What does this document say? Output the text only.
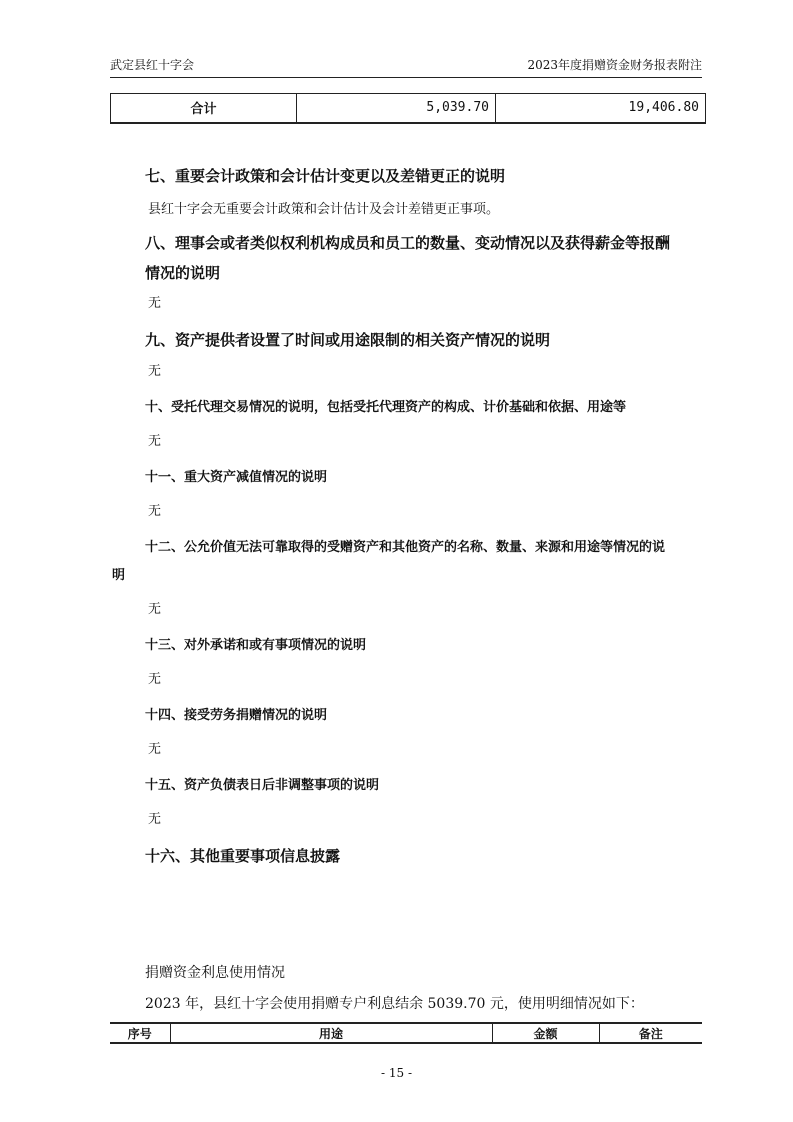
武定县红十字会	2023年度捐赠资金财务报表附注
合计	5,039.70	19,406.80
七、重要会计政策和会计估计变更以及差错更正的说明
县红十字会无重要会计政策和会计估计及会计差错更正事项。
八、理事会或者类似权利机构成员和员工的数量、变动情况以及获得薪金等报酬
情况的说明
无
九、资产提供者设置了时间或用途限制的相关资产情况的说明
无
十、受托代理交易情况的说明，包括受托代理资产的构成、计价基础和依据、用途等
无
十一、重大资产减值情况的说明
无
十二、公允价值无法可靠取得的受赠资产和其他资产的名称、数量、来源和用途等情况的说
明
无
十三、对外承诺和或有事项情况的说明
无
十四、接受劳务捐赠情况的说明
无
十五、资产负债表日后非调整事项的说明
无
十六、其他重要事项信息披露
捐赠资金利息使用情况
2023 年，县红十字会使用捐赠专户利息结余 5039.70 元，使用明细情况如下：
序号	用途	金额	备注
- 15 -
